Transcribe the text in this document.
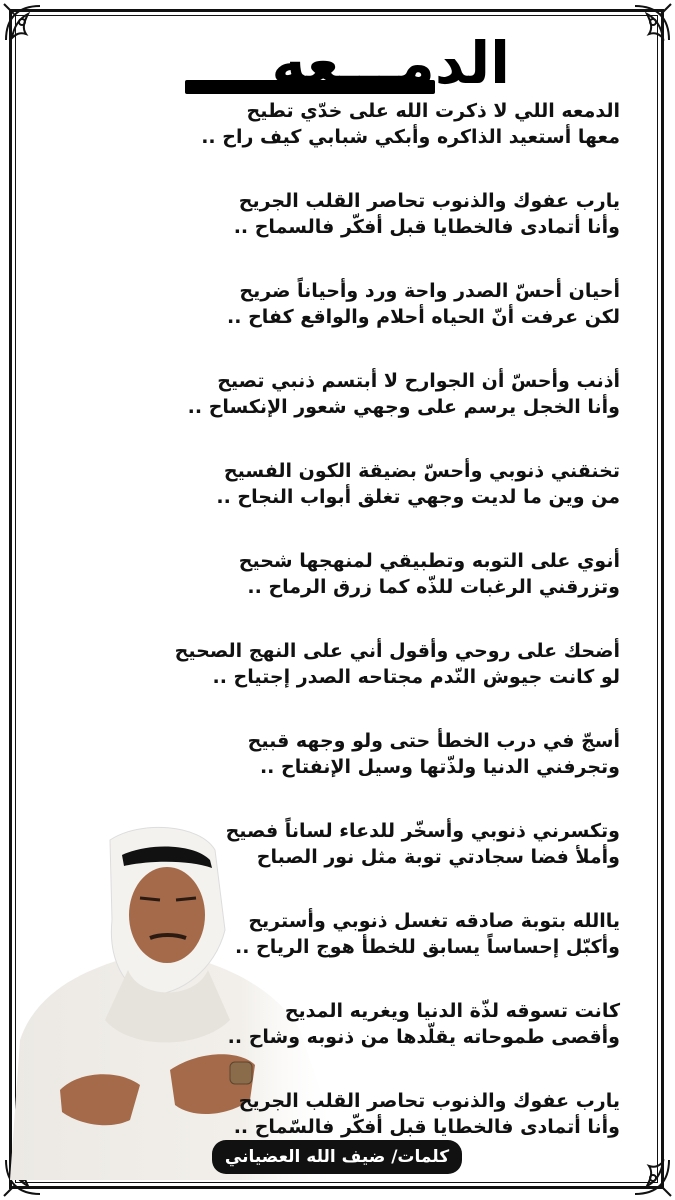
الدمـــعه
الدمعه اللي لا ذكرت الله على خدّي تطيح
معها أستعيد الذاكره وأبكي شبابي كيف راح ..
يارب عفوك والذنوب تحاصر القلب الجريح
وأنا أتمادى فالخطايا قبل أفكّر فالسماح ..
أحيان أحسّ الصدر واحة ورد وأحياناً ضريح
لكن عرفت أنّ الحياه أحلام والواقع كفاح ..
أذنب وأحسّ أن الجوارح لا أبتسم ذنبي تصيح
وأنا الخجل يرسم على وجهي شعور الإنكساح ..
تخنقني ذنوبي وأحسّ بضيقة الكون الفسيح
من وين ما لديت وجهي تغلق أبواب النجاح ..
أنوي على التوبه وتطبيقي لمنهجها شحيح
وتزرقني الرغبات للذّه كما زرق الرماح ..
أضحك على روحي وأقول أني على النهج الصحيح
لو كانت جيوش النّدم مجتاحه الصدر إجتياح ..
أسجّ في درب الخطأ حتى ولو وجهه قبيح
وتجرفني الدنيا ولذّتها وسيل الإنفتاح ..
وتكسرني ذنوبي وأسخّر للدعاء لساناً فصيح
وأملأ فضا سجادتي توبة مثل نور الصباح
ياالله بتوبة صادقه تغسل ذنوبي وأستريح
وأكبّل إحساساً يسابق للخطأ هوج الرياح ..
كانت تسوقه لذّة الدنيا ويغريه المديح
وأقصى طموحاته يقلّدها من ذنوبه وشاح ..
يارب عفوك والذنوب تحاصر القلب الجريح
وأنا أتمادى فالخطايا قبل أفكّر فالسّماح ..
كلمات/ ضيف الله العضياني
